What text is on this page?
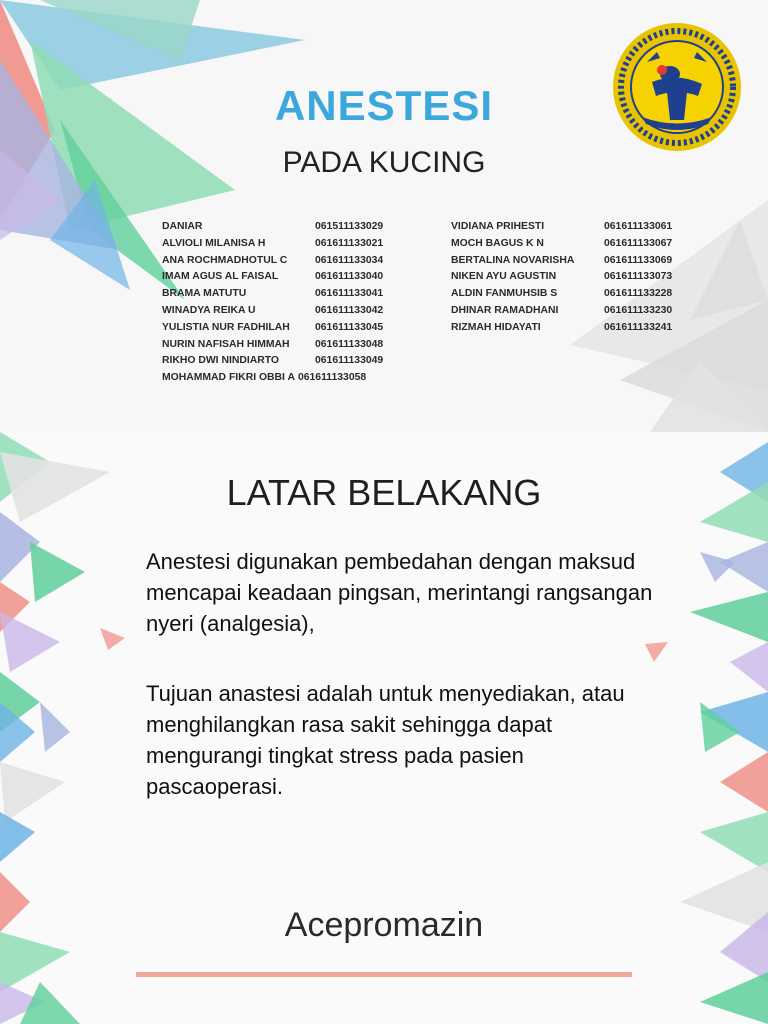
ANESTESI
PADA KUCING
DANIAR	061511133029
ALVIOLI MILANISA H	061611133021
ANA ROCHMADHOTUL C	061611133034
IMAM AGUS AL FAISAL	061611133040
BRAMA MATUTU	061611133041
WINADYA REIKA U	061611133042
YULISTIA NUR FADHILAH	061611133045
NURIN NAFISAH HIMMAH	061611133048
RIKHO DWI NINDIARTO	061611133049
MOHAMMAD FIKRI OBBI A 061611133058
VIDIANA PRIHESTI	061611133061
MOCH BAGUS K N	061611133067
BERTALINA NOVARISHA	061611133069
NIKEN AYU AGUSTIN	061611133073
ALDIN FANMUHSIB S	061611133228
DHINAR RAMADHANI	061611133230
RIZMAH HIDAYATI	061611133241
LATAR BELAKANG
Anestesi digunakan pembedahan dengan maksud mencapai keadaan pingsan, merintangi rangsangan nyeri (analgesia),
Tujuan anastesi adalah untuk menyediakan, atau menghilangkan rasa sakit sehingga dapat mengurangi tingkat stress pada pasien pascaoperasi.
Acepromazin
